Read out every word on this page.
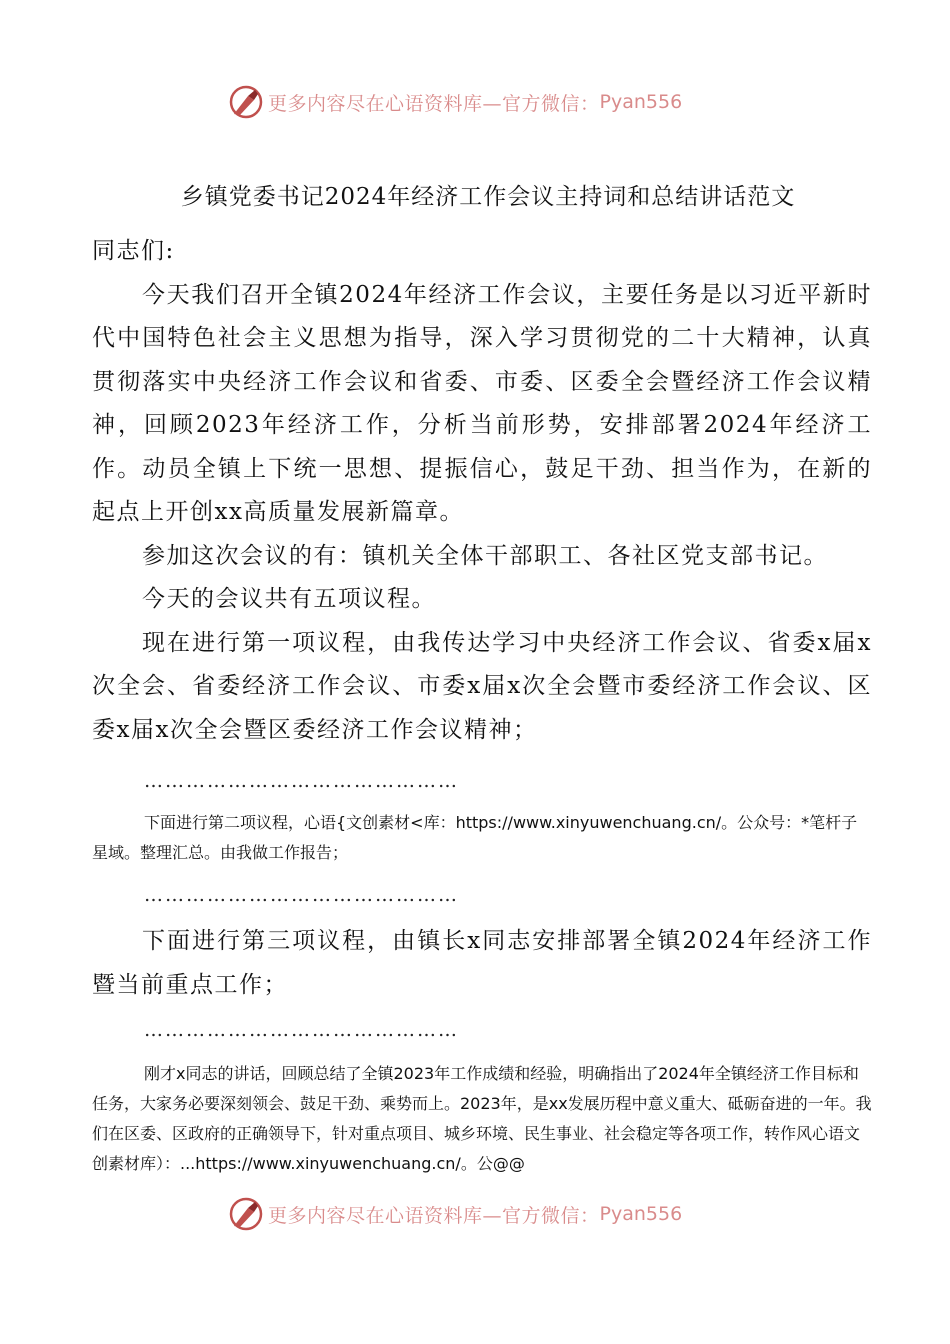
更多内容尽在心语资料库—官方微信： Pyan556
乡镇党委书记2024年经济工作会议主持词和总结讲话范文

同志们:

今天我们召开全镇2024年经济工作会议，主要任务是以习近平新时代中国特色社会主义思想为指导，深入学习贯彻党的二十大精神，认真贯彻落实中央经济工作会议和省委、市委、区委全会暨经济工作会议精神，回顾2023年经济工作，分析当前形势，安排部署2024年经济工作。动员全镇上下统一思想、提振信心，鼓足干劲、担当作为，在新的起点上开创xx高质量发展新篇章。

参加这次会议的有：镇机关全体干部职工、各社区党支部书记。

今天的会议共有五项议程。

现在进行第一项议程，由我传达学习中央经济工作会议、省委x届x次全会、省委经济工作会议、市委x届x次全会暨市委经济工作会议、区委x届x次全会暨区委经济工作会议精神；

………………………………………

下面进行第二项议程，心语{文创素材<库：https://www.xinyuwenchuang.cn/。公众号：*笔杆子星域。整理汇总。由我做工作报告；

………………………………………

下面进行第三项议程，由镇长x同志安排部署全镇2024年经济工作暨当前重点工作；

………………………………………

刚才x同志的讲话，回顾总结了全镇2023年工作成绩和经验，明确指出了2024年全镇经济工作目标和任务，大家务必要深刻领会、鼓足干劲、乘势而上。2023年，是xx发展历程中意义重大、砥砺奋进的一年。我们在区委、区政府的正确领导下，针对重点项目、城乡环境、民生事业、社会稳定等各项工作，转作风心语文创素材库）：...https://www.xinyuwenchuang.cn/。公@@

更多内容尽在心语资料库—官方微信： Pyan556
